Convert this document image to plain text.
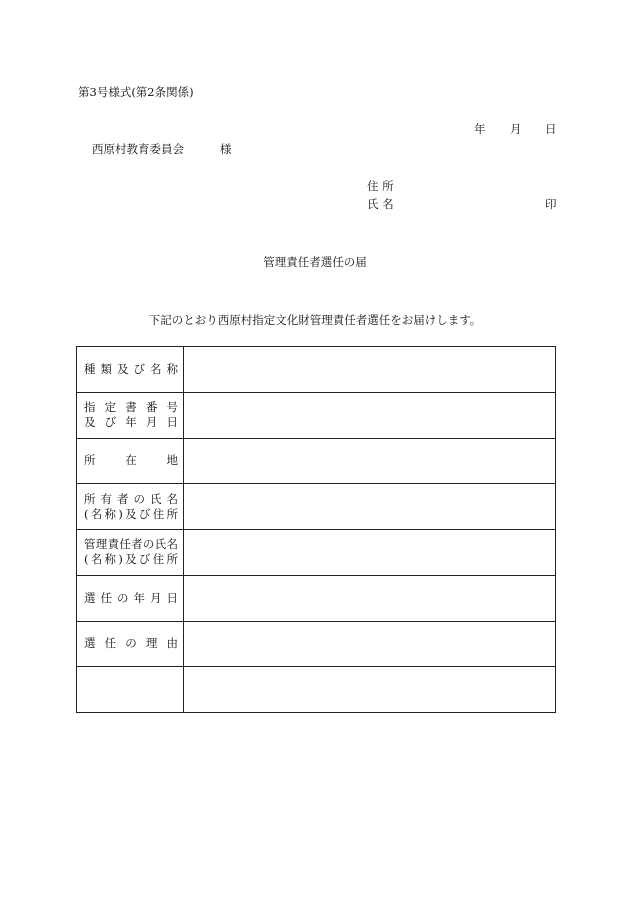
第3号様式(第2条関係)
年 月 日
西原村教育委員会	様
住 所
氏 名	印
管理責任者選任の届
下記のとおり西原村指定文化財管理責任者選任をお届けします。
種類及び名称	

指定書番号
及び年月日	

所在地	

所有者の氏名
(名称)及び住所	

管理責任者の氏名
(名称)及び住所	

選任の年月日	

選任の理由	
